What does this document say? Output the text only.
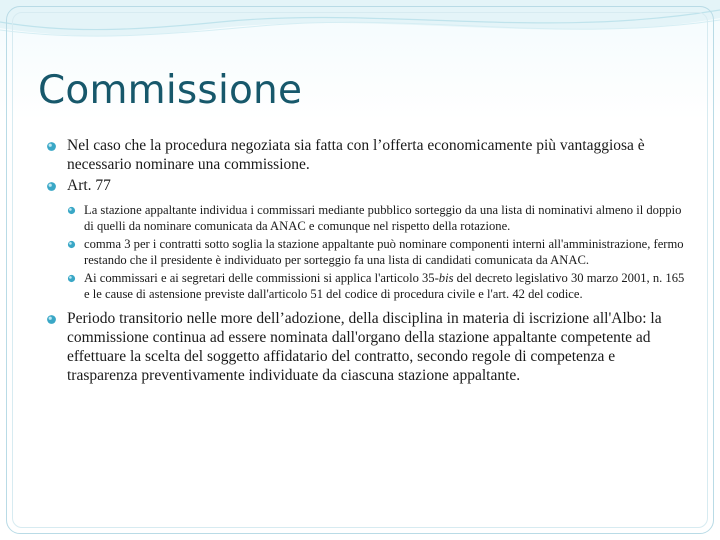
Commissione
Nel caso che la procedura negoziata sia fatta con l’offerta economicamente più vantaggiosa è necessario nominare una commissione.
Art. 77
La stazione appaltante individua i commissari mediante pubblico sorteggio da una lista di nominativi almeno il doppio di quelli da nominare comunicata da ANAC e comunque nel rispetto della rotazione.
comma 3 per i contratti sotto soglia la stazione appaltante può nominare componenti interni all'amministrazione, fermo restando che il presidente è individuato per sorteggio fa una lista di candidati comunicata da ANAC.
Ai commissari e ai segretari delle commissioni si applica l'articolo 35-bis del decreto legislativo 30 marzo 2001, n. 165 e le cause di astensione previste dall'articolo 51 del codice di procedura civile e l'art. 42 del codice.
Periodo transitorio nelle more dell’adozione, della disciplina in materia di iscrizione all'Albo: la commissione continua ad essere nominata dall'organo della stazione appaltante competente ad effettuare la scelta del soggetto affidatario del contratto, secondo regole di competenza e trasparenza preventivamente individuate da ciascuna stazione appaltante.
